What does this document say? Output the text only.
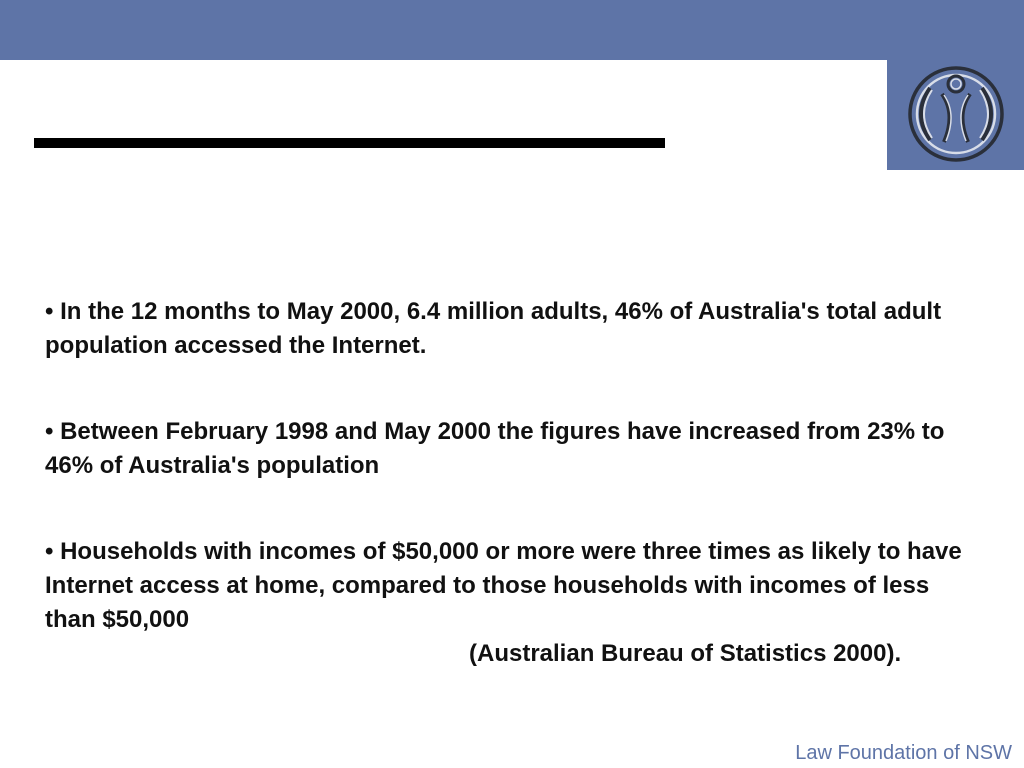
• In the 12 months to May 2000, 6.4 million adults, 46% of Australia's total adult population accessed the Internet.

• Between February 1998 and May 2000 the figures have increased from 23% to 46% of Australia's population

• Households with incomes of $50,000 or more were three times as likely to have Internet access at home, compared to those households with incomes of less than $50,000

(Australian Bureau of Statistics 2000).
Law Foundation of NSW
